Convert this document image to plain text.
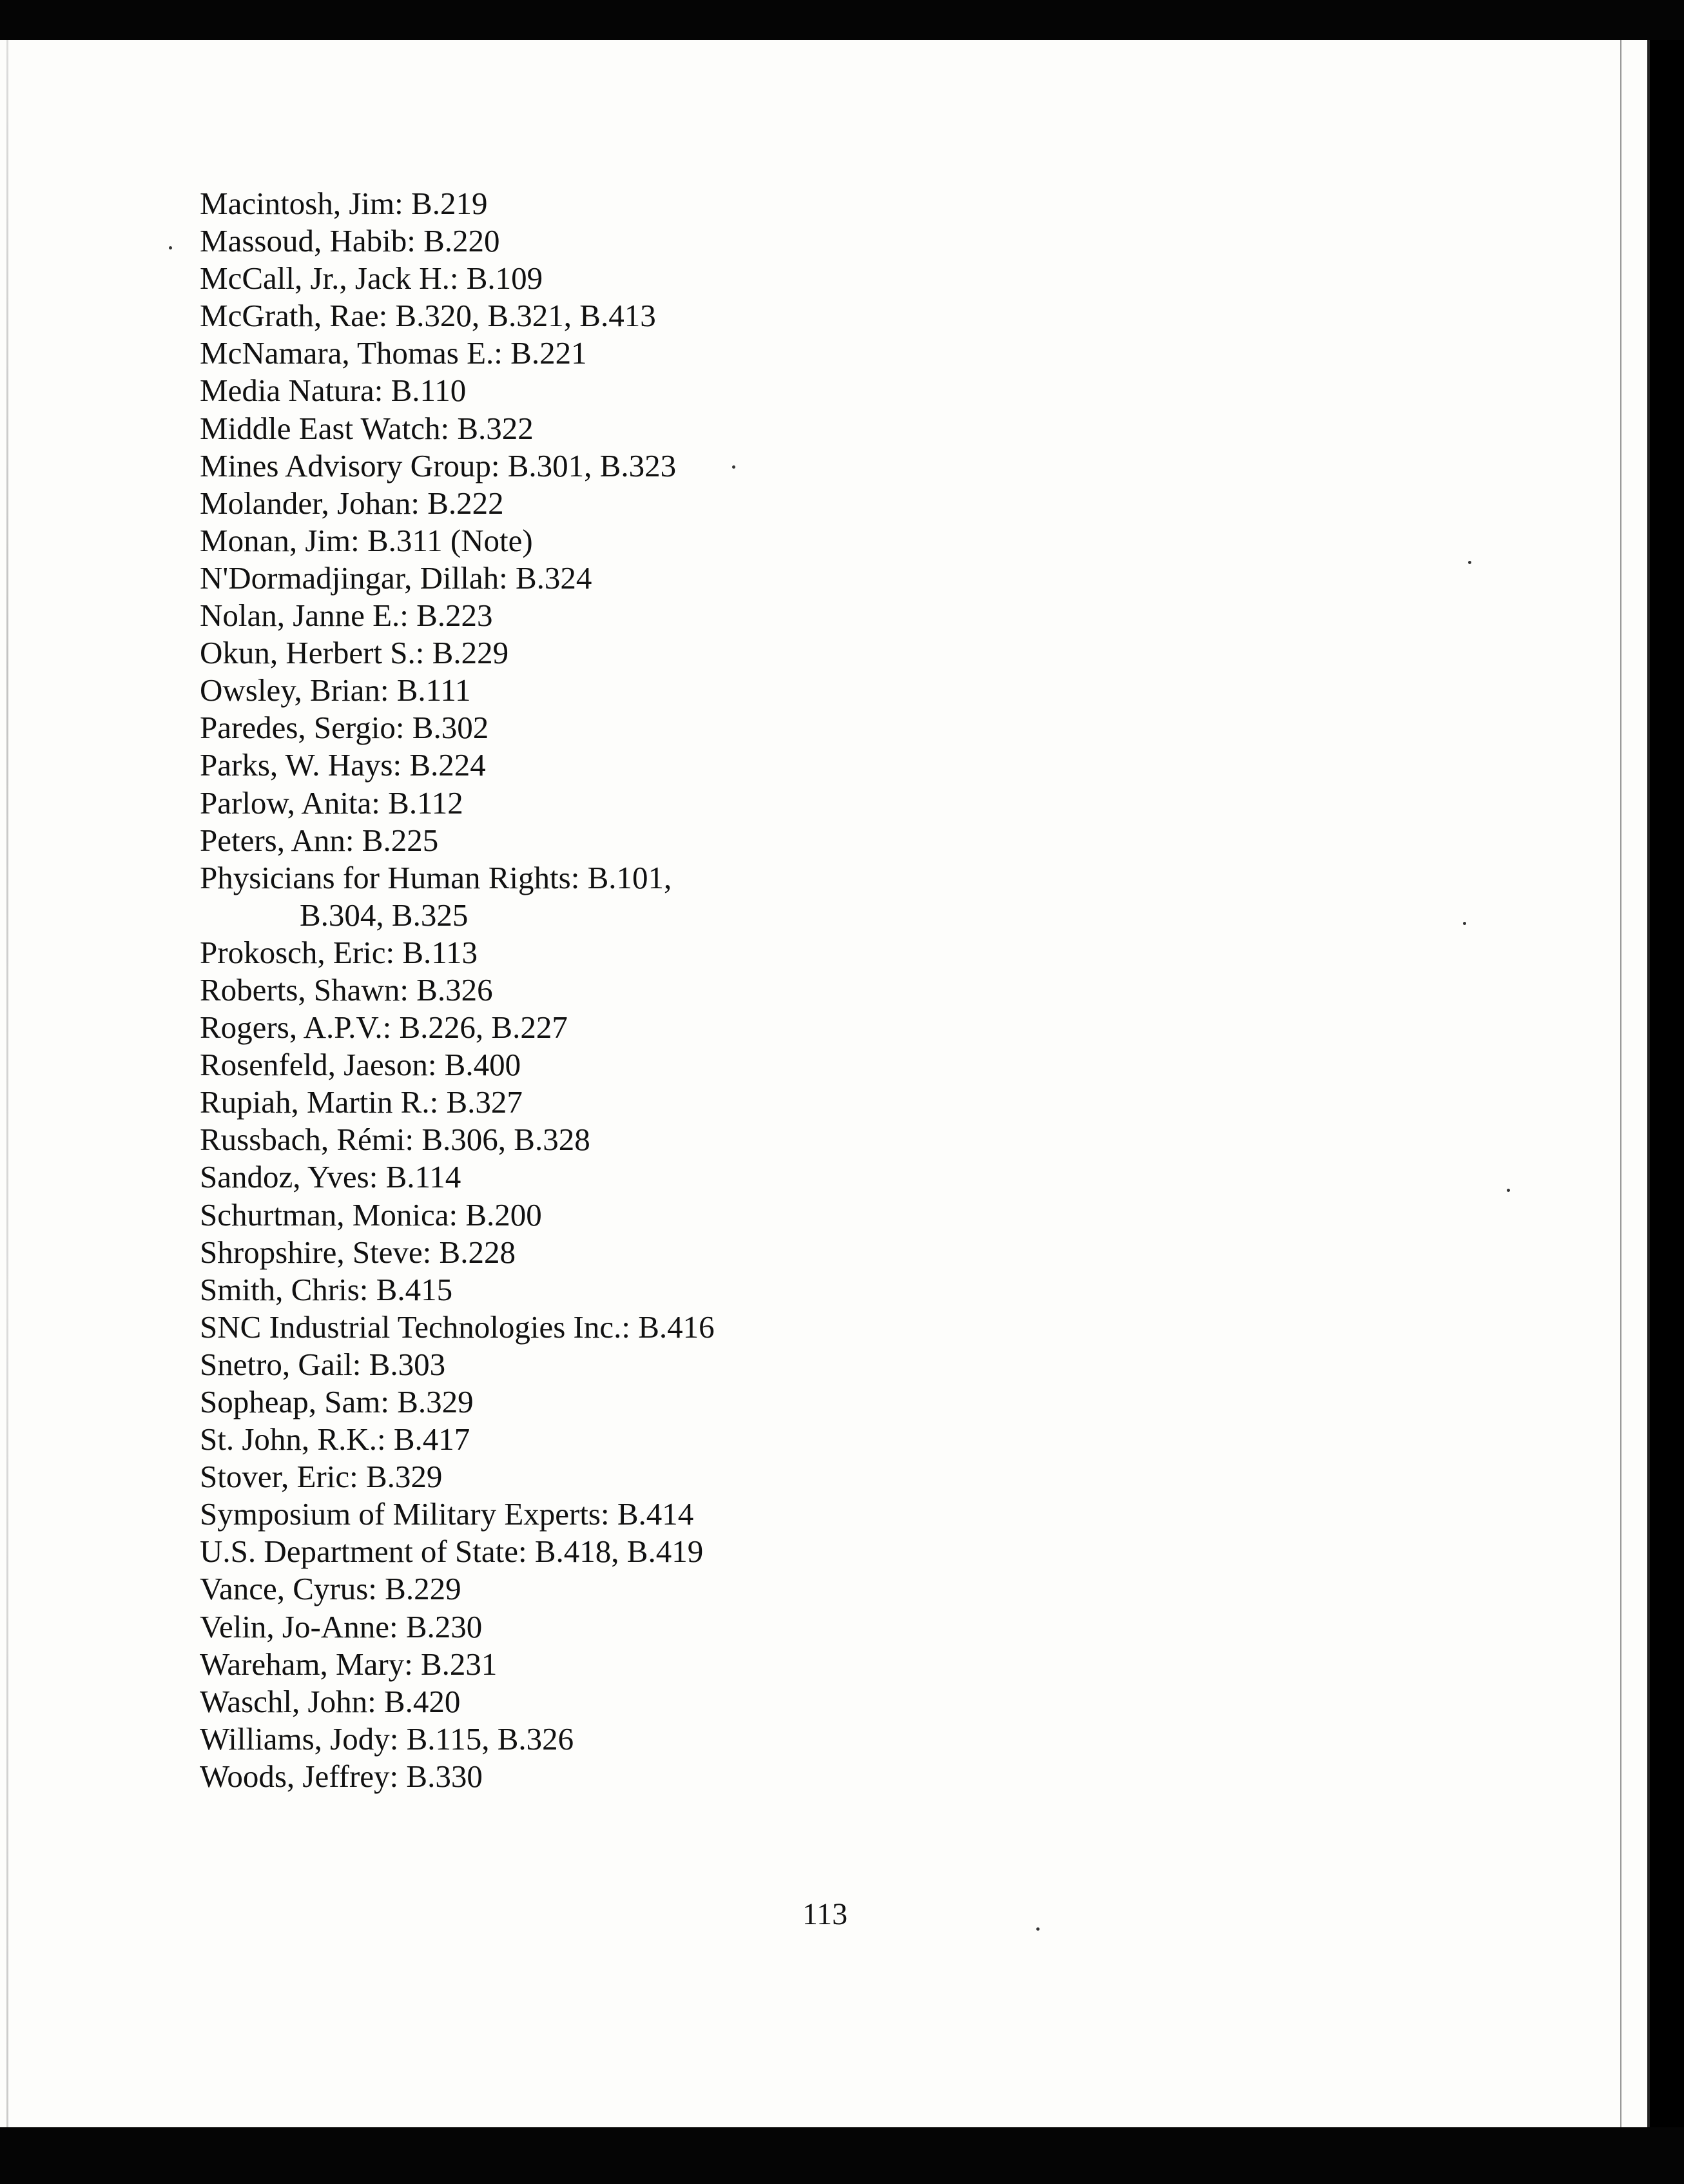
Macintosh, Jim: B.219
Massoud, Habib: B.220
McCall, Jr., Jack H.: B.109
McGrath, Rae: B.320, B.321, B.413
McNamara, Thomas E.: B.221
Media Natura: B.110
Middle East Watch: B.322
Mines Advisory Group: B.301, B.323
Molander, Johan: B.222
Monan, Jim: B.311 (Note)
N'Dormadjingar, Dillah: B.324
Nolan, Janne E.: B.223
Okun, Herbert S.: B.229
Owsley, Brian: B.111
Paredes, Sergio: B.302
Parks, W. Hays: B.224
Parlow, Anita: B.112
Peters, Ann: B.225
Physicians for Human Rights: B.101,
B.304, B.325
Prokosch, Eric: B.113
Roberts, Shawn: B.326
Rogers, A.P.V.: B.226, B.227
Rosenfeld, Jaeson: B.400
Rupiah, Martin R.: B.327
Russbach, Rémi: B.306, B.328
Sandoz, Yves: B.114
Schurtman, Monica: B.200
Shropshire, Steve: B.228
Smith, Chris: B.415
SNC Industrial Technologies Inc.: B.416
Snetro, Gail: B.303
Sopheap, Sam: B.329
St. John, R.K.: B.417
Stover, Eric: B.329
Symposium of Military Experts: B.414
U.S. Department of State: B.418, B.419
Vance, Cyrus: B.229
Velin, Jo-Anne: B.230
Wareham, Mary: B.231
Waschl, John: B.420
Williams, Jody: B.115, B.326
Woods, Jeffrey: B.330
113
